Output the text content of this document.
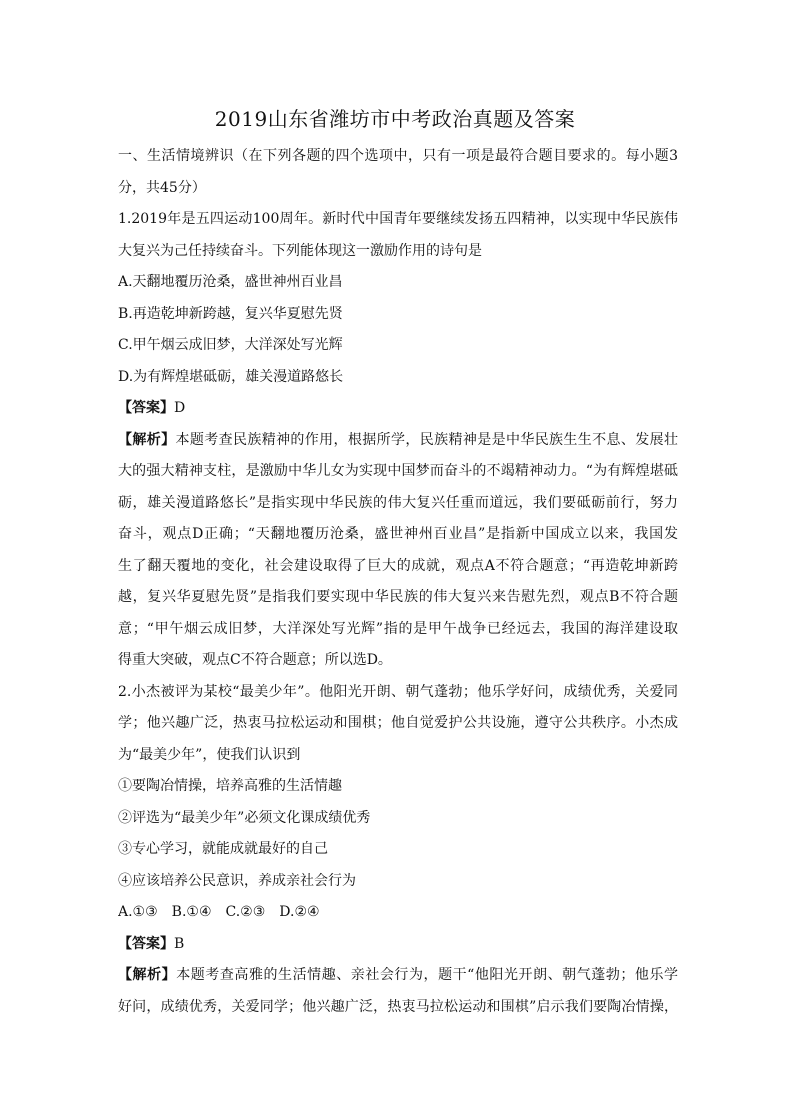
2019山东省潍坊市中考政治真题及答案
一、生活情境辨识（在下列各题的四个选项中，只有一项是最符合题目要求的。每小题3
分，共45分）
1.2019年是五四运动100周年。新时代中国青年要继续发扬五四精神，以实现中华民族伟
大复兴为己任持续奋斗。下列能体现这一激励作用的诗句是
A.天翻地覆历沧桑，盛世神州百业昌
B.再造乾坤新跨越，复兴华夏慰先贤
C.甲午烟云成旧梦，大洋深处写光辉
D.为有辉煌堪砥砺，雄关漫道路悠长
【答案】D
【解析】本题考查民族精神的作用，根据所学，民族精神是是中华民族生生不息、发展壮
大的强大精神支柱，是激励中华儿女为实现中国梦而奋斗的不竭精神动力。“为有辉煌堪砥
砺，雄关漫道路悠长”是指实现中华民族的伟大复兴任重而道远，我们要砥砺前行，努力
奋斗，观点D正确；“天翻地覆历沧桑，盛世神州百业昌”是指新中国成立以来，我国发
生了翻天覆地的变化，社会建设取得了巨大的成就，观点A不符合题意；“再造乾坤新跨
越，复兴华夏慰先贤”是指我们要实现中华民族的伟大复兴来告慰先烈，观点B不符合题
意；“甲午烟云成旧梦，大洋深处写光辉”指的是甲午战争已经远去，我国的海洋建设取
得重大突破，观点C不符合题意；所以选D。
2.小杰被评为某校“最美少年”。他阳光开朗、朝气蓬勃；他乐学好问，成绩优秀，关爱同
学；他兴趣广泛，热衷马拉松运动和围棋；他自觉爱护公共设施，遵守公共秩序。小杰成
为“最美少年”，使我们认识到
①要陶冶情操，培养高雅的生活情趣
②评选为“最美少年”必须文化课成绩优秀
③专心学习，就能成就最好的自己
④应该培养公民意识，养成亲社会行为
A.①③　B.①④　C.②③　D.②④
【答案】B
【解析】本题考查高雅的生活情趣、亲社会行为，题干“他阳光开朗、朝气蓬勃；他乐学
好问，成绩优秀，关爱同学；他兴趣广泛，热衷马拉松运动和围棋”启示我们要陶冶情操，
